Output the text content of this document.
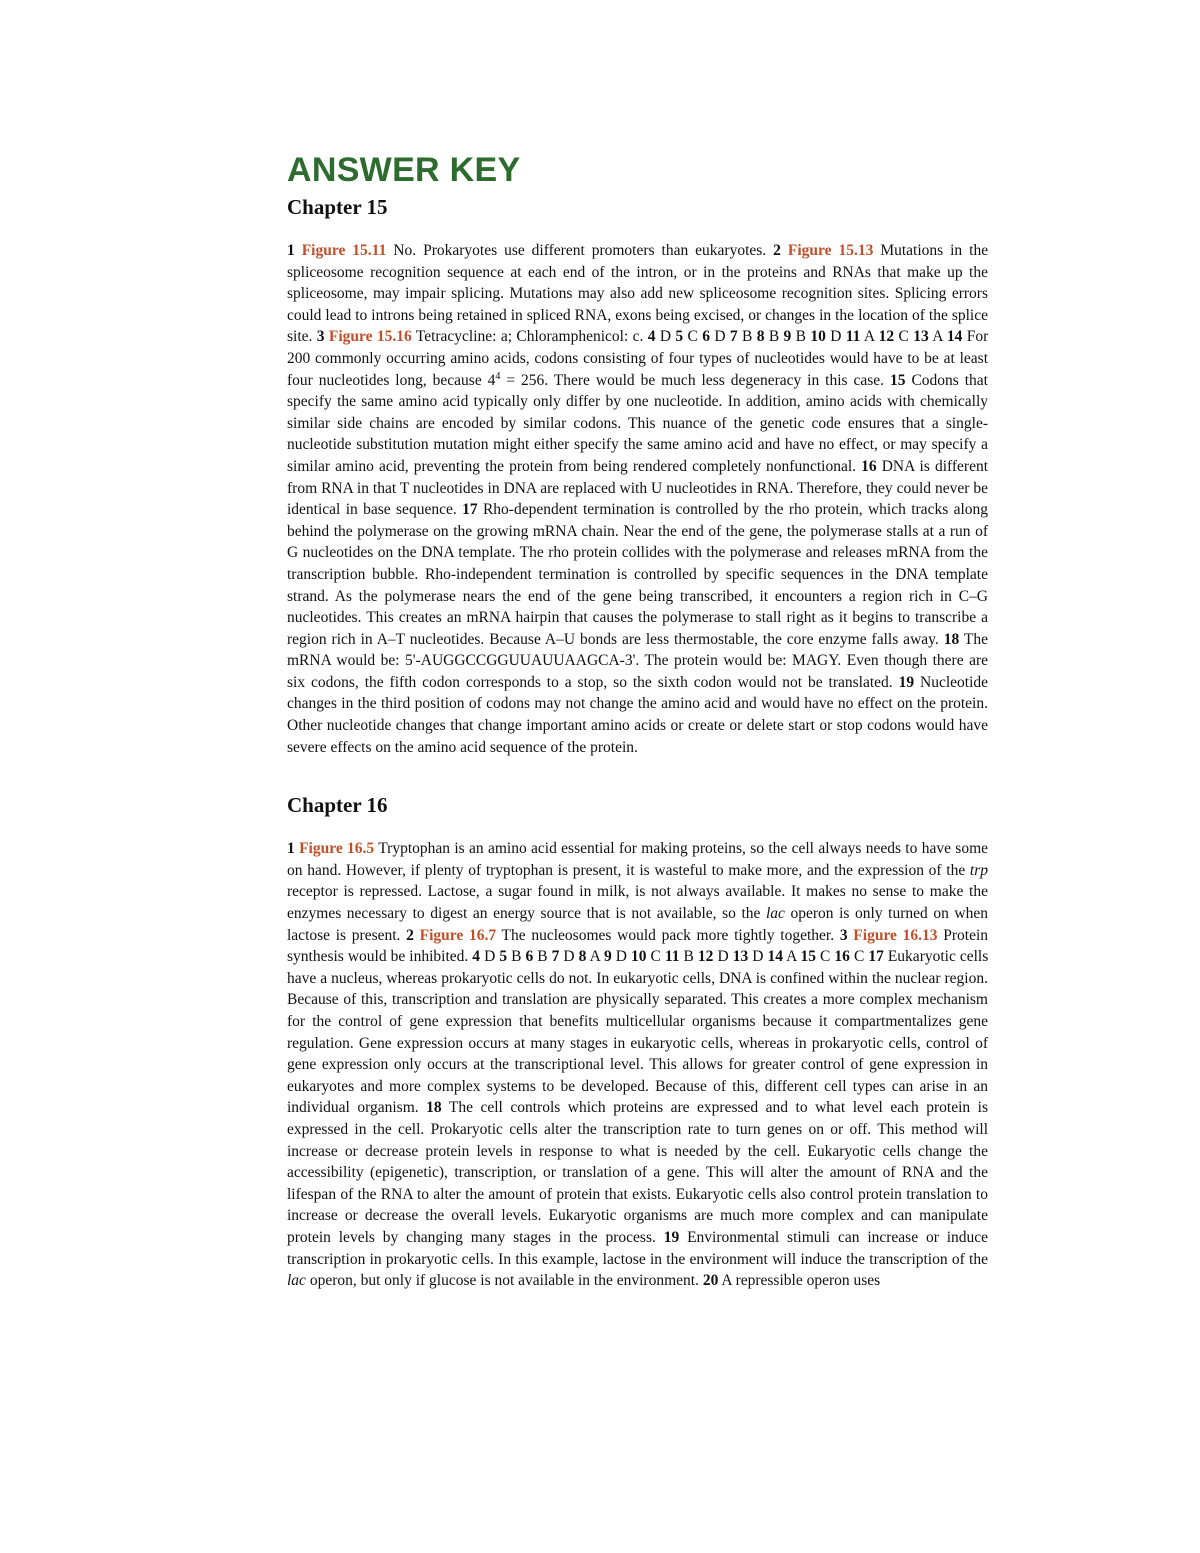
ANSWER KEY
Chapter 15

1 Figure 15.11 No. Prokaryotes use different promoters than eukaryotes. 2 Figure 15.13 Mutations in the spliceosome recognition sequence at each end of the intron, or in the proteins and RNAs that make up the spliceosome, may impair splicing. Mutations may also add new spliceosome recognition sites. Splicing errors could lead to introns being retained in spliced RNA, exons being excised, or changes in the location of the splice site. 3 Figure 15.16 Tetracycline: a; Chloramphenicol: c. 4 D 5 C 6 D 7 B 8 B 9 B 10 D 11 A 12 C 13 A 14 For 200 commonly occurring amino acids, codons consisting of four types of nucleotides would have to be at least four nucleotides long, because $4^4 = 256$. There would be much less degeneracy in this case. 15 Codons that specify the same amino acid typically only differ by one nucleotide. In addition, amino acids with chemically similar side chains are encoded by similar codons. This nuance of the genetic code ensures that a single-nucleotide substitution mutation might either specify the same amino acid and have no effect, or may specify a similar amino acid, preventing the protein from being rendered completely nonfunctional. 16 DNA is different from RNA in that T nucleotides in DNA are replaced with U nucleotides in RNA. Therefore, they could never be identical in base sequence. 17 Rho-dependent termination is controlled by the rho protein, which tracks along behind the polymerase on the growing mRNA chain. Near the end of the gene, the polymerase stalls at a run of G nucleotides on the DNA template. The rho protein collides with the polymerase and releases mRNA from the transcription bubble. Rho-independent termination is controlled by specific sequences in the DNA template strand. As the polymerase nears the end of the gene being transcribed, it encounters a region rich in C–G nucleotides. This creates an mRNA hairpin that causes the polymerase to stall right as it begins to transcribe a region rich in A–T nucleotides. Because A–U bonds are less thermostable, the core enzyme falls away. 18 The mRNA would be: 5'-AUGGCCGGUUAUUAAGCA-3'. The protein would be: MAGY. Even though there are six codons, the fifth codon corresponds to a stop, so the sixth codon would not be translated. 19 Nucleotide changes in the third position of codons may not change the amino acid and would have no effect on the protein. Other nucleotide changes that change important amino acids or create or delete start or stop codons would have severe effects on the amino acid sequence of the protein.

Chapter 16

1 Figure 16.5 Tryptophan is an amino acid essential for making proteins, so the cell always needs to have some on hand. However, if plenty of tryptophan is present, it is wasteful to make more, and the expression of the trp receptor is repressed. Lactose, a sugar found in milk, is not always available. It makes no sense to make the enzymes necessary to digest an energy source that is not available, so the lac operon is only turned on when lactose is present. 2 Figure 16.7 The nucleosomes would pack more tightly together. 3 Figure 16.13 Protein synthesis would be inhibited. 4 D 5 B 6 B 7 D 8 A 9 D 10 C 11 B 12 D 13 D 14 A 15 C 16 C 17 Eukaryotic cells have a nucleus, whereas prokaryotic cells do not. In eukaryotic cells, DNA is confined within the nuclear region. Because of this, transcription and translation are physically separated. This creates a more complex mechanism for the control of gene expression that benefits multicellular organisms because it compartmentalizes gene regulation. Gene expression occurs at many stages in eukaryotic cells, whereas in prokaryotic cells, control of gene expression only occurs at the transcriptional level. This allows for greater control of gene expression in eukaryotes and more complex systems to be developed. Because of this, different cell types can arise in an individual organism. 18 The cell controls which proteins are expressed and to what level each protein is expressed in the cell. Prokaryotic cells alter the transcription rate to turn genes on or off. This method will increase or decrease protein levels in response to what is needed by the cell. Eukaryotic cells change the accessibility (epigenetic), transcription, or translation of a gene. This will alter the amount of RNA and the lifespan of the RNA to alter the amount of protein that exists. Eukaryotic cells also control protein translation to increase or decrease the overall levels. Eukaryotic organisms are much more complex and can manipulate protein levels by changing many stages in the process. 19 Environmental stimuli can increase or induce transcription in prokaryotic cells. In this example, lactose in the environment will induce the transcription of the lac operon, but only if glucose is not available in the environment. 20 A repressible operon uses
